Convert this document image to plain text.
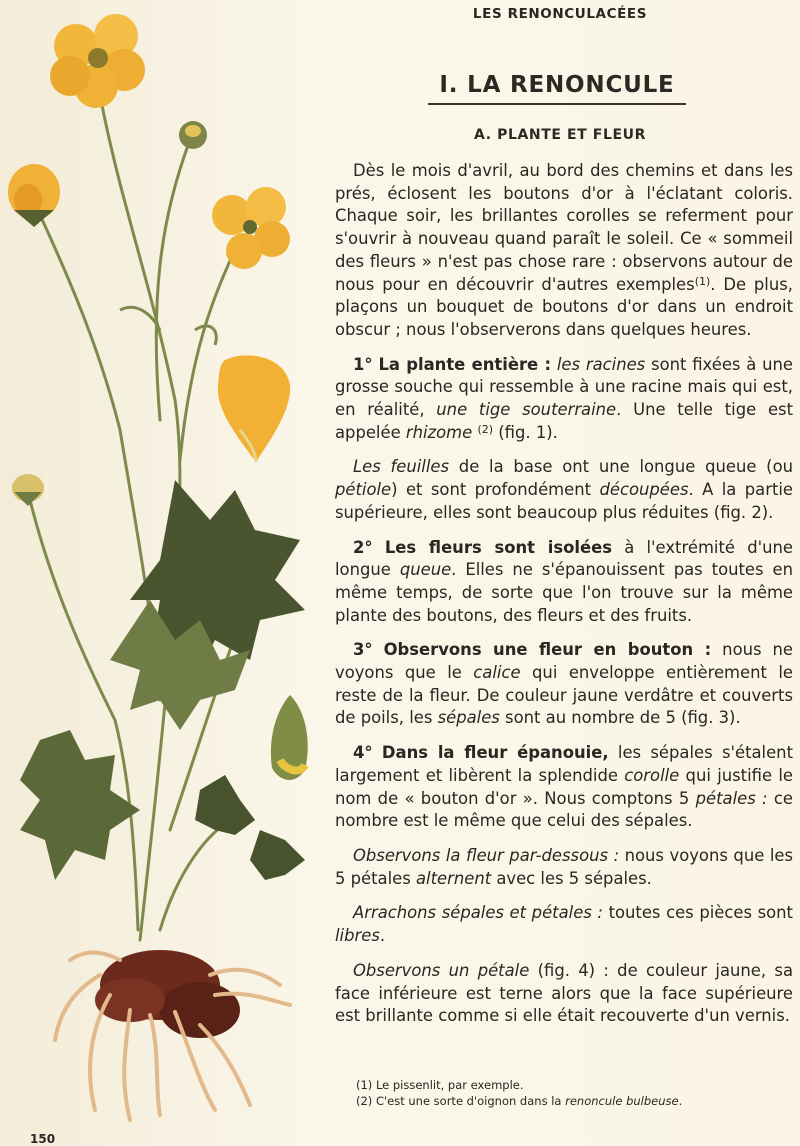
LES RENONCULACÉES
I. LA RENONCULE
A. PLANTE ET FLEUR

Dès le mois d'avril, au bord des chemins et dans les prés, éclosent les boutons d'or à l'éclatant coloris. Chaque soir, les brillantes corolles se referment pour s'ouvrir à nouveau quand paraît le soleil. Ce « sommeil des fleurs » n'est pas chose rare : observons autour de nous pour en découvrir d'autres exemples$^{(1)}$. De plus, plaçons un bouquet de boutons d'or dans un endroit obscur ; nous l'observerons dans quelques heures.

1° La plante entière : les racines sont fixées à une grosse souche qui ressemble à une racine mais qui est, en réalité, une tige souterraine. Une telle tige est appelée rhizome $^{(2)}$ (fig. 1).

Les feuilles de la base ont une longue queue (ou pétiole) et sont profondément découpées. A la partie supérieure, elles sont beaucoup plus réduites (fig. 2).

2° Les fleurs sont isolées à l'extrémité d'une longue queue. Elles ne s'épanouissent pas toutes en même temps, de sorte que l'on trouve sur la même plante des boutons, des fleurs et des fruits.

3° Observons une fleur en bouton : nous ne voyons que le calice qui enveloppe entièrement le reste de la fleur. De couleur jaune verdâtre et couverts de poils, les sépales sont au nombre de 5 (fig. 3).

4° Dans la fleur épanouie, les sépales s'étalent largement et libèrent la splendide corolle qui justifie le nom de « bouton d'or ». Nous comptons 5 pétales : ce nombre est le même que celui des sépales.

Observons la fleur par-dessous : nous voyons que les 5 pétales alternent avec les 5 sépales.

Arrachons sépales et pétales : toutes ces pièces sont libres.

Observons un pétale (fig. 4) : de couleur jaune, sa face inférieure est terne alors que la face supérieure est brillante comme si elle était recouverte d'un vernis.

(1) Le pissenlit, par exemple.
(2) C'est une sorte d'oignon dans la renoncule bulbeuse.
150
